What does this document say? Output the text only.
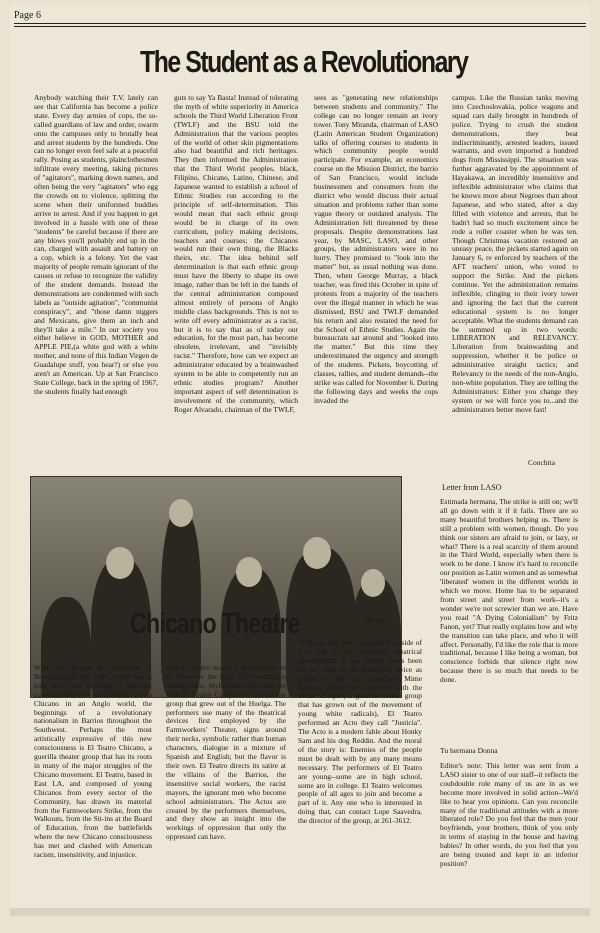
Page 6
The Student as a Revolutionary
Anybody watching their T.V. lately can see that California has become a police state. Every day armies of cops, the so-called guardians of law and order, swarm onto the campuses only to brutally beat and arrest students by the hundreds. One can no longer even feel safe at a peaceful rally. Posing as students, plainclothesmen infiltrate every meeting, taking pictures of "agitators", marking down names, and often being the very "agitators" who egg the crowds on to violence, splitting the scene when their uniformed buddies arrive to arrest. And if you happen to get involved in a hassle with one of these "students" be careful because if there are any blows you'll probably end up in the can, charged with assault and battery on a cop, which is a felony. Yet the vast majority of people remain ignorant of the causes or refuse to recognize the validity of the student demands. Instead the demonstrations are condemned with such labels as "outside agitation", "communist conspiracy", and "those damn niggers and Mexicans, give them an inch and they'll take a mile." In our society you either believe in GOD, MOTHER and APPLE PIE,(a white god with a white mother, and none of this Indian Virgen de Guadalupe stuff, you hear?) or else you aren't an American. Up at San Francisco State College, back in the spring of 1967, the students finally had enough
guts to say Ya Basta! Instead of tolerating the myth of white superiority in America schools the Third World Liberation Front (TWLF) and the BSU told the Administration that the various peoples of the world of other skin pigmentations also had beautiful and rich heritages. They then informed the Administration that the Third World peoples, black, Filipino, Chicano, Latino, Chinese, and Japanese wanted to establish a school of Ethnic Studies run according to the principle of self-determination. This would mean that each ethnic group would be in charge of its own curriculum, policy making decisions, teachers and courses; the Chicanos would run their own thing, the Blacks theirs, etc. The idea behind self determination is that each ethnic group must have the liberty to shape its own image, rather than be left in the hands of the central administration composed almost entirely of persons of Anglo middle class backgrounds. This is not to write off every administrator as a racist, but it is to say that as of today our education, for the most part, has become obsolete, irrelevant, and "invisibly racist." Therefore, how can we expect an administrator educated by a brainwashed system to be able to competently run an ethnic studies program? Another important aspect of self determination is involvement of the community, which Roger Alvarado, chairman of the TWLF,
sees as "generating new relationships between students and community." The college can no longer remain an ivory tower. Tony Miranda, chairman of LASO (Latin American Student Organization) talks of offering courses to students in which community people would participate. For example, an economics course on the Mission District, the barrio of San Francisco, would include businessmen and consumers from the district who would discuss their actual situation and problems rather than some vague theory or outdated analysis. The Administration felt threatened by these proposals. Despite demonstrations last year, by MASC, LASO, and other groups, the administrators were in no hurry. They promised to "look into the matter" but, as usual nothing was done. Then, when George Murray, a black teacher, was fired this October in spite of protests from a majority of the teachers over the illegal manner in which he was dismissed, BSU and TWLF demanded his return and also restated the need for the School of Ethnic Studies. Again the bureaucrats sat around and "looked into the matter." But this time they underestimated the urgency and strength of the students. Pickets, boycotting of classes, rallies, and student demands--the strike was called for November 6. During the following days and weeks the cops invaded the
campus. Like the Russian tanks moving into Czechoslovakia, police wagons and squad cars daily brought in hundreds of police. Trying to crush the student demonstrations, they beat indiscriminantly, arrested leaders, issued warrants, and even imported a hundred dogs from Mississippi. The situation was further aggravated by the appointment of Hayakawa, an incredibly insensitive and inflexible administrator who claims that he knows more about Negroes than about Japanese, and who stated, after a day filled with violence and arrests, that he hadn't had so much excitement since he rode a roller coaster when he was ten. Though Christmas vacation restored an uneasy peace, the pickets started again on January 6, re enforced by teachers of the AFT teachers' union, who voted to support the Strike. And the pickets continue. Yet the administration remains inflexible, clinging to their ivory tower and ignoring the fact that the current educational system is no longer acceptable. What the students demand can be summed up in two words: LIBERATION and RELEVANCY. Liberation from brainwashing and suppression, whether it be police or administrative straight tactics; and Relevancy to the needs of the non-Anglo, non-white population. They are telling the Administrators: Either you change they system or we will force you to...and the administrators better move fast!
Conchita
Devra
Chicano Theatre
With the struggle for liberation of Brown people has come much that is both new and exciting; a growing consciousness of what it means to be a Chicano in an Anglo world, the beginnings of a revolutionary nationalism in Barrios throughout the Southwest. Perhaps the most artistically expressive of this new consciousness is El Teatro Chicano, a guerilla theater group that has its roots in many of the major struggles of the Chicano movement. El Teatro, based in East LA, and composed of young Chicanos from every sector of the Community, has drawn its material from the Farmworkers Strike, from the Walkouts, from the Sit-ins at the Board of Education, from the battlefields where the new Chicano consciousness has met and clashed with American racism, insensitivity, and injustice.
And El Teatro makes it its business to be wherever the fight for liberation is taking place. Stylistically, its roots are with El Teatro Campesino, the theater group that grew out of the Huelga. The performers use many of the theatrical devices first employed by the Farmworkers' Theater, signs around their necks, symbolic rather than human characters, dialogue in a mixture of Spanish and English; but the flavor is their own. El Teatro directs its satire at the villains of the Barrios, the insensitive social workers, the racist mayors, the ignorant men who become school administrators. The Actos are created by the performers themselves, and they show an insight into the workings of oppression that only the oppressed can have.
El Teatro has been recognized outside of East LA as an important theatrical development. It has several times been on the stage at the Ashgrove, twice as guests of the San Francisco Mime Troupe. When they appeared with the Mime Troupe ( a guerilla theater group that has grown out of the movement of young white radicals), El Teatro performed an Acto they call "Justicia". The Acto is a modern fable about Honky Sam and his dog Reddin. And the moral of the story is: Enemies of the people must be dealt with by any many means necessary. The performers of El Teatro are young--some are in high school, some are in college. El Teatro welcomes people of all ages to join and become a part of it. Any one who is interested in doing that, can contact Lupe Saavedra, the director of the group, at 261-3612.
Letter from LASO
Estimada hermana, The strike is still on; we'll all go down with it if it fails. There are so many beautiful brothers helping us. There is still a problem with women, though. Do you think our sisters are afraid to join, or lazy, or what? There is a real scarcity of them around in the Third World, especially when there is work to be done. I know it's hard to reconcile our position as Latin women and as somewhat 'liberated' women in the different worlds in which we move. Home has to be separated from street and street from work--it's a wonder we're not screwier than we are. Have you read "A Dying Colonialism" by Fritz Fanon, yet? That really explains how and why the transition can take place, and who it will affect. Personally, I'd like the role that is more traditional, because I like being a woman, but conscience forbids that silence right now because there is so much that needs to be done.
Tu hermana Donna
Editor's note: This letter was sent from a LASO sister to one of our staff--it reflects the coubdouble role many of us are in as we become more involved in solid action--We'd like to hear you opinions. Can you reconcile many of the traditional attitudes with a more liberated role? Do you feel that the men your boyfriends, your brothers, think of you only in terms of staying in the house and having babies? In other words, do you feel that you are being treated and kept in an inferior position?
